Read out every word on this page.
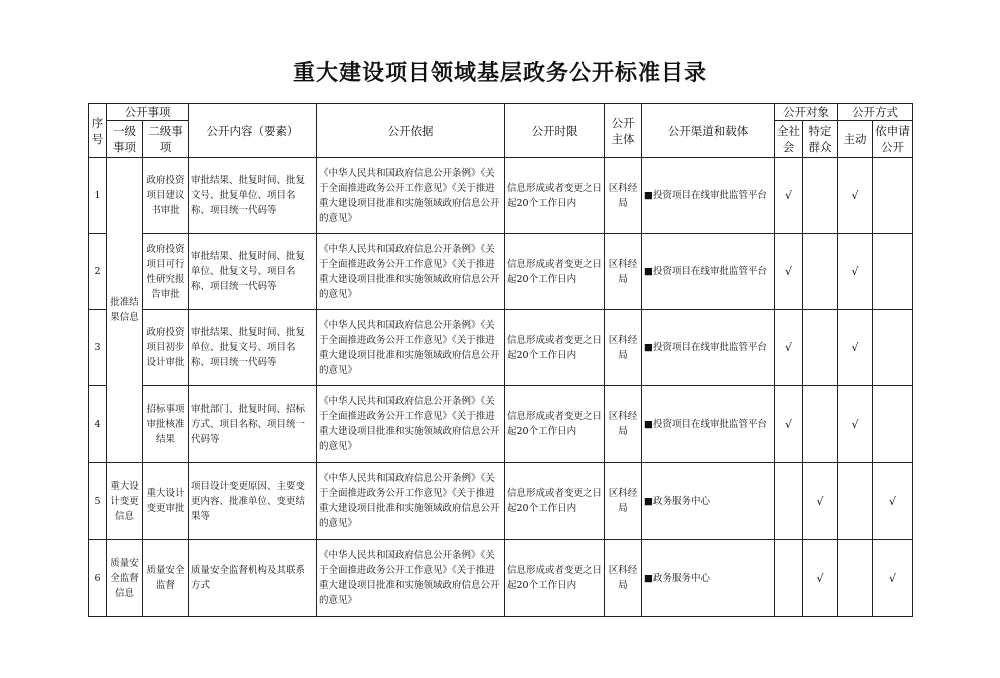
重大建设项目领域基层政务公开标准目录
序号	公开事项		公开内容（要素）	公开依据	公开时限	公开主体	公开渠道和载体	公开对象		公开方式	
	一级事项	二级事项						全社会	特定群众	主动	依申请公开
1	批准结果信息	政府投资项目建议书审批	审批结果、批复时间、批复文号、批复单位、项目名称、项目统一代码等	《中华人民共和国政府信息公开条例》《关于全面推进政务公开工作意见》《关于推进重大建设项目批准和实施领域政府信息公开的意见》	信息形成或者变更之日起20个工作日内	区科经局	■投资项目在线审批监管平台	√		√	
2		政府投资项目可行性研究报告审批	审批结果、批复时间、批复单位、批复文号、项目名称、项目统一代码等	《中华人民共和国政府信息公开条例》《关于全面推进政务公开工作意见》《关于推进重大建设项目批准和实施领域政府信息公开的意见》	信息形成或者变更之日起20个工作日内	区科经局	■投资项目在线审批监管平台	√		√	
3		政府投资项目初步设计审批	审批结果、批复时间、批复单位、批复文号、项目名称、项目统一代码等	《中华人民共和国政府信息公开条例》《关于全面推进政务公开工作意见》《关于推进重大建设项目批准和实施领域政府信息公开的意见》	信息形成或者变更之日起20个工作日内	区科经局	■投资项目在线审批监管平台	√		√	
4		招标事项审批核准结果	审批部门、批复时间、招标方式、项目名称、项目统一代码等	《中华人民共和国政府信息公开条例》《关于全面推进政务公开工作意见》《关于推进重大建设项目批准和实施领域政府信息公开的意见》	信息形成或者变更之日起20个工作日内	区科经局	■投资项目在线审批监管平台	√		√	
5	重大设计变更信息	重大设计变更审批	项目设计变更原因、主要变更内容、批准单位、变更结果等	《中华人民共和国政府信息公开条例》《关于全面推进政务公开工作意见》《关于推进重大建设项目批准和实施领域政府信息公开的意见》	信息形成或者变更之日起20个工作日内	区科经局	■政务服务中心		√		√
6	质量安全监督信息	质量安全监督	质量安全监督机构及其联系方式	《中华人民共和国政府信息公开条例》《关于全面推进政务公开工作意见》《关于推进重大建设项目批准和实施领域政府信息公开的意见》	信息形成或者变更之日起20个工作日内	区科经局	■政务服务中心		√		√
